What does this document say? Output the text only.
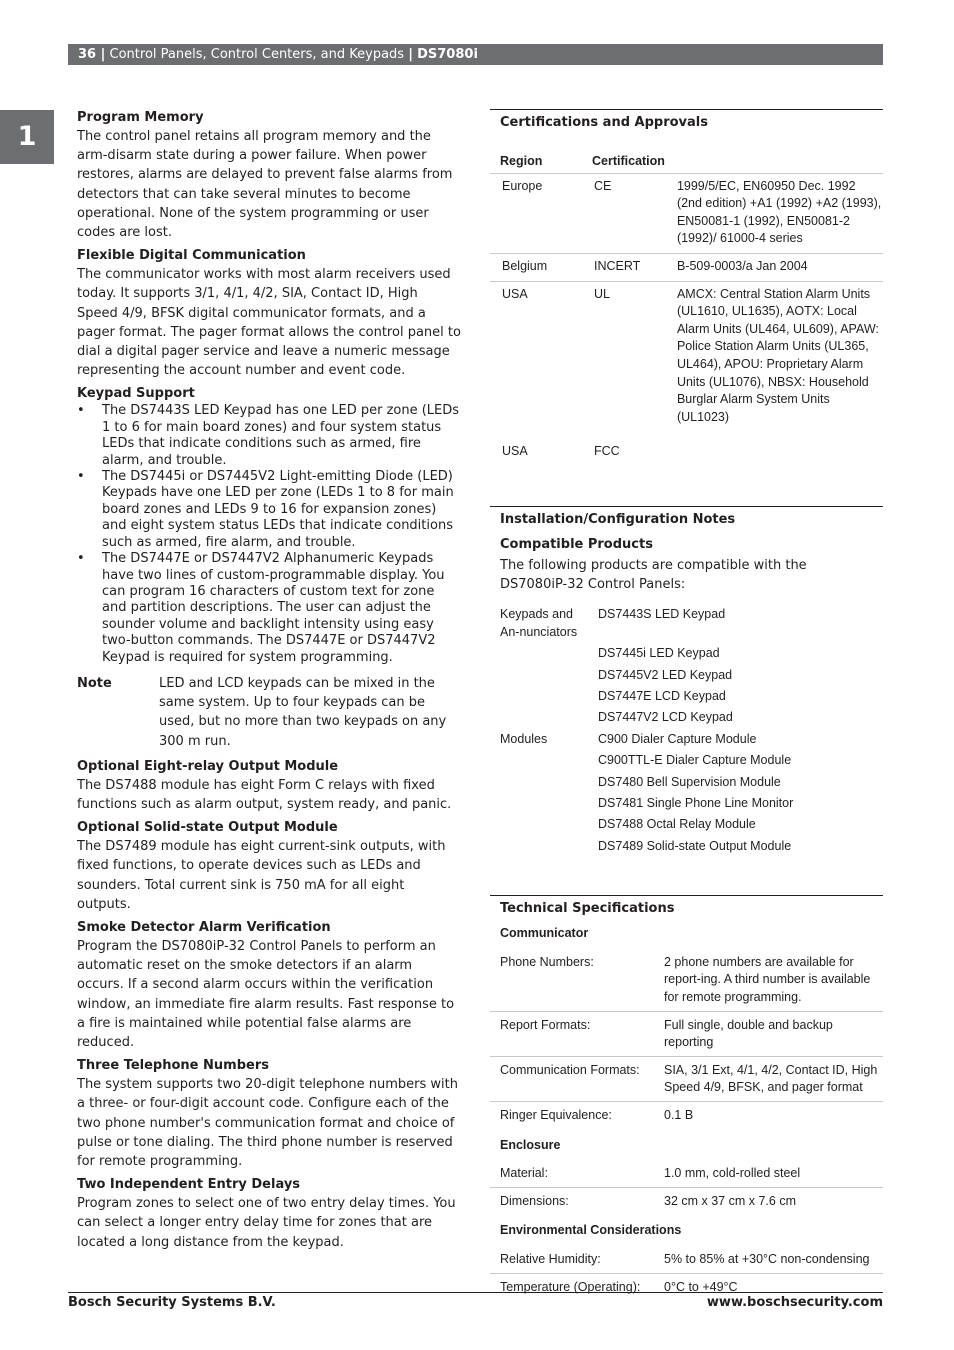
36 | Control Panels, Control Centers, and Keypads | DS7080i
1
Program Memory

The control panel retains all program memory and the arm-disarm state during a power failure. When power restores, alarms are delayed to prevent false alarms from detectors that can take several minutes to become operational. None of the system programming or user codes are lost.

Flexible Digital Communication

The communicator works with most alarm receivers used today. It supports 3/1, 4/1, 4/2, SIA, Contact ID, High Speed 4/9, BFSK digital communicator formats, and a pager format. The pager format allows the control panel to dial a digital pager service and leave a numeric message representing the account number and event code.

Keypad Support
• The DS7443S LED Keypad has one LED per zone (LEDs 1 to 6 for main board zones) and four system status LEDs that indicate conditions such as armed, fire alarm, and trouble.
• The DS7445i or DS7445V2 Light-emitting Diode (LED) Keypads have one LED per zone (LEDs 1 to 8 for main board zones and LEDs 9 to 16 for expansion zones) and eight system status LEDs that indicate conditions such as armed, fire alarm, and trouble.
• The DS7447E or DS7447V2 Alphanumeric Keypads have two lines of custom-programmable display. You can program 16 characters of custom text for zone and partition descriptions. The user can adjust the sounder volume and backlight intensity using easy two-button commands. The DS7447E or DS7447V2 Keypad is required for system programming.
Note	LED and LCD keypads can be mixed in the same system. Up to four keypads can be used, but no more than two keypads on any 300 m run.
Optional Eight-relay Output Module

The DS7488 module has eight Form C relays with fixed functions such as alarm output, system ready, and panic.

Optional Solid-state Output Module

The DS7489 module has eight current-sink outputs, with fixed functions, to operate devices such as LEDs and sounders. Total current sink is 750 mA for all eight outputs.

Smoke Detector Alarm Verification

Program the DS7080iP-32 Control Panels to perform an automatic reset on the smoke detectors if an alarm occurs. If a second alarm occurs within the verification window, an immediate fire alarm results. Fast response to a fire is maintained while potential false alarms are reduced.

Three Telephone Numbers

The system supports two 20-digit telephone numbers with a three- or four-digit account code. Configure each of the two phone number's communication format and choice of pulse or tone dialing. The third phone number is reserved for remote programming.

Two Independent Entry Delays

Program zones to select one of two entry delay times. You can select a longer entry delay time for zones that are located a long distance from the keypad.

Certifications and Approvals
Region	Certification	
Europe	CE	1999/5/EC, EN60950 Dec. 1992 (2nd edition) +A1 (1992) +A2 (1993), EN50081-1 (1992), EN50081-2 (1992)/ 61000-4 series
Belgium	INCERT	B-509-0003/a Jan 2004
USA	UL	AMCX: Central Station Alarm Units (UL1610, UL1635), AOTX: Local Alarm Units (UL464, UL609), APAW: Police Station Alarm Units (UL365, UL464), APOU: Proprietary Alarm Units (UL1076), NBSX: Household Burglar Alarm System Units (UL1023)
USA	FCC	
Installation/Configuration Notes
Compatible Products
The following products are compatible with the DS7080iP-32 Control Panels:
Keypads and An-nunciators	DS7443S LED Keypad
	DS7445i LED Keypad
	DS7445V2 LED Keypad
	DS7447E LCD Keypad
	DS7447V2 LCD Keypad
Modules	C900 Dialer Capture Module
	C900TTL-E Dialer Capture Module
	DS7480 Bell Supervision Module
	DS7481 Single Phone Line Monitor
	DS7488 Octal Relay Module
	DS7489 Solid-state Output Module
Technical Specifications
Communicator	
Phone Numbers:	2 phone numbers are available for report-ing. A third number is available for remote programming.
Report Formats:	Full single, double and backup reporting
Communication Formats:	SIA, 3/1 Ext, 4/1, 4/2, Contact ID, High Speed 4/9, BFSK, and pager format
Ringer Equivalence:	0.1 B
Enclosure	
Material:	1.0 mm, cold-rolled steel
Dimensions:	32 cm x 37 cm x 7.6 cm
Environmental Considerations	
Relative Humidity:	5% to 85% at +30°C non-condensing
Temperature (Operating):	0°C to +49°C
Bosch Security Systems B.V.	www.boschsecurity.com
